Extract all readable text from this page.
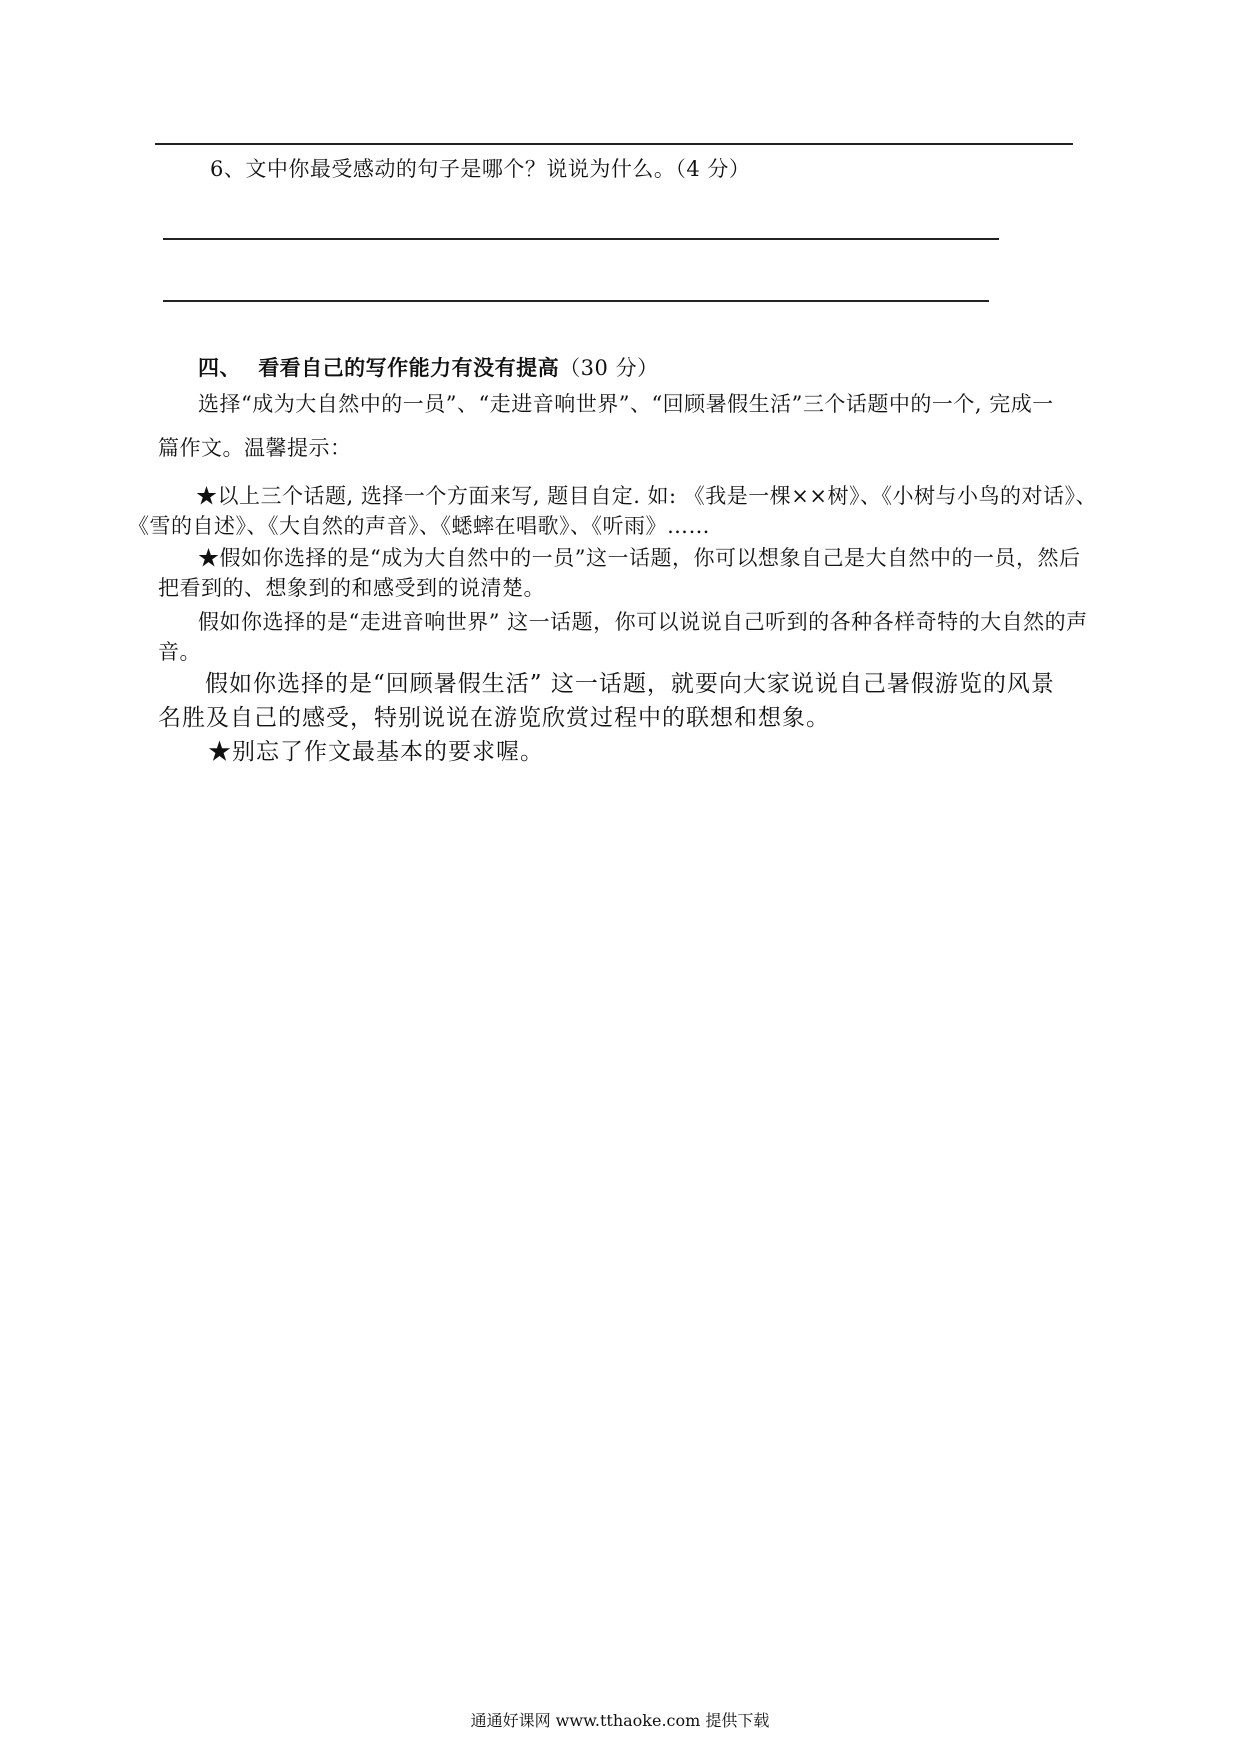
6、文中你最受感动的句子是哪个？说说为什么。（4 分）
四、 看看自己的写作能力有没有提高（30 分）
选择“成为大自然中的一员”、“走进音响世界”、“回顾暑假生活”三个话题中的一个, 完成一
篇作文。温馨提示：
★以上三个话题, 选择一个方面来写, 题目自定. 如: 《我是一棵××树》、《小树与小鸟的对话》、
《雪的自述》、《大自然的声音》、《蟋蟀在唱歌》、《听雨》……
★假如你选择的是“成为大自然中的一员”这一话题，你可以想象自己是大自然中的一员，然后
把看到的、想象到的和感受到的说清楚。
假如你选择的是“走进音响世界” 这一话题，你可以说说自己听到的各种各样奇特的大自然的声
音。
假如你选择的是“回顾暑假生活” 这一话题，就要向大家说说自己暑假游览的风景
名胜及自己的感受，特别说说在游览欣赏过程中的联想和想象。
★别忘了作文最基本的要求喔。
通通好课网 www.tthaoke.com 提供下载
